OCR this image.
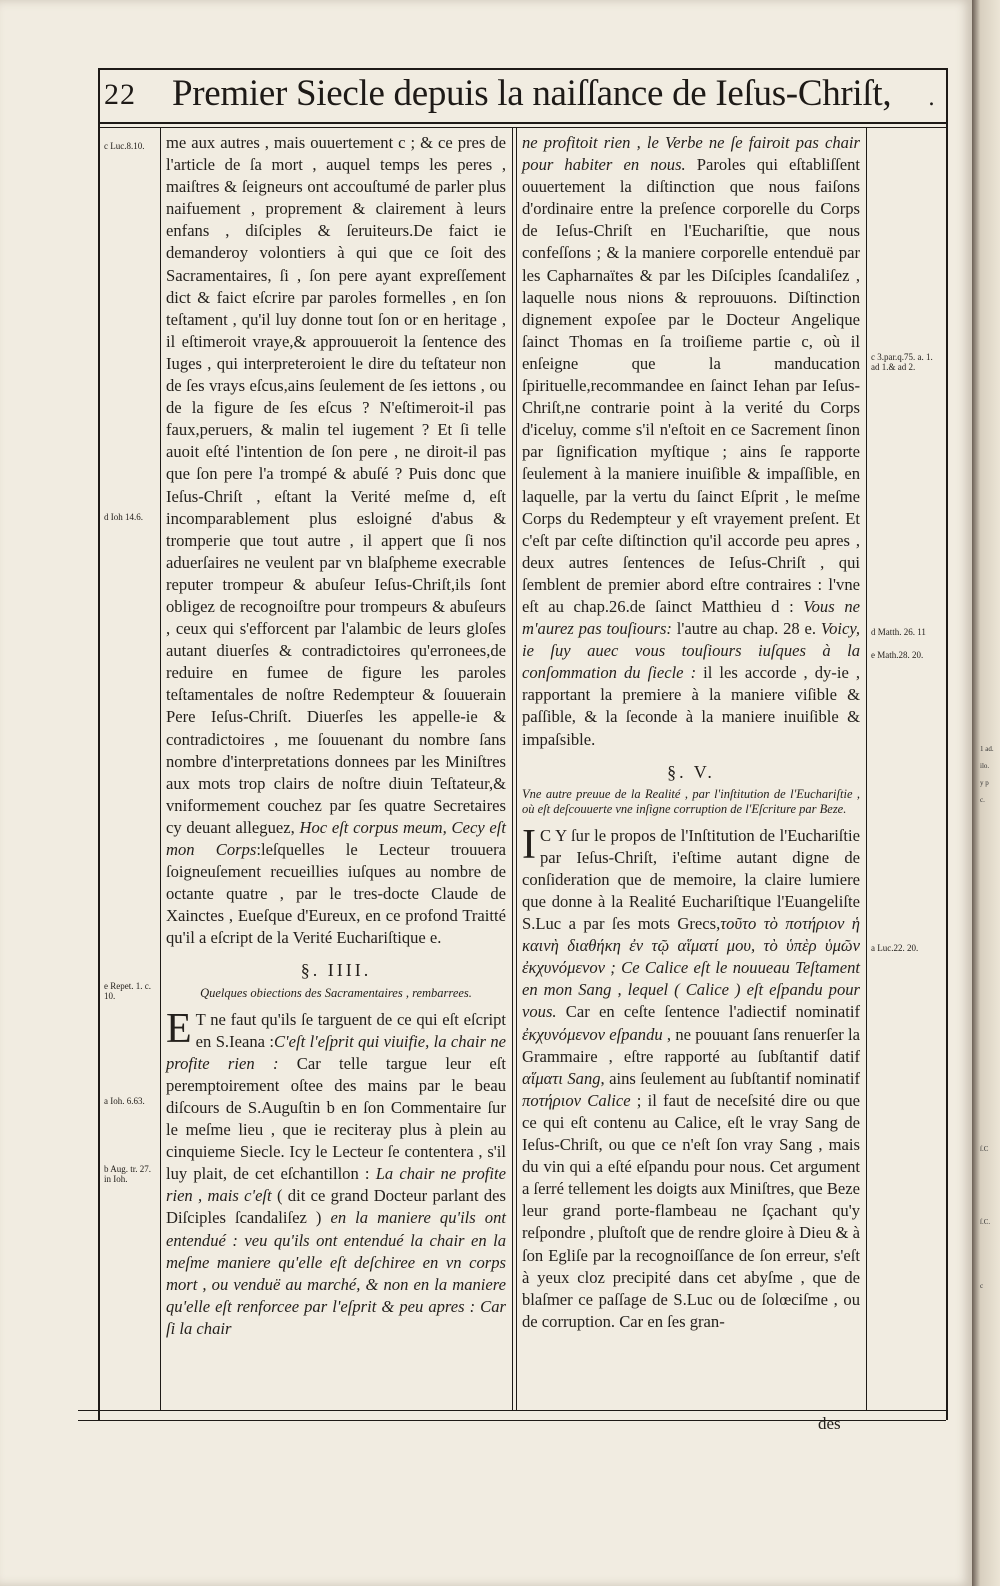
22 Premier Siecle depuis la naiſſance de Ieſus-Chriſt, .
c Luc.8.10.
d Ioh 14.6.
e Repet. 1. c. 10.
a Ioh. 6.63.
b Aug. tr. 27. in Ioh.

me aux autres , mais ouuertement c ; & ce pres de l'article de ſa mort , auquel temps les peres , maiſtres & ſeigneurs ont accouſtumé de parler plus naifuement , proprement & clairement à leurs enfans , diſciples & ſeruiteurs.De faict ie demanderoy volontiers à qui que ce ſoit des Sacramentaires, ſi , ſon pere ayant expreſſement dict & faict eſcrire par paroles formelles , en ſon teſtament , qu'il luy donne tout ſon or en heritage , il eſtimeroit vraye,& approuueroit la ſentence des Iuges , qui interpreteroient le dire du teſtateur non de ſes vrays eſcus,ains ſeulement de ſes iettons , ou de la figure de ſes eſcus ? N'eſtimeroit-il pas faux,peruers, & malin tel iugement ? Et ſi telle auoit eſté l'intention de ſon pere , ne diroit-il pas que ſon pere l'a trompé & abuſé ? Puis donc que Ieſus-Chriſt , eſtant la Verité meſme d, eſt incomparablement plus esloigné d'abus & tromperie que tout autre , il appert que ſi nos aduerſaires ne veulent par vn blaſpheme execrable reputer trompeur & abuſeur Ieſus-Chriſt,ils ſont obligez de recognoiſtre pour trompeurs & abuſeurs , ceux qui s'efforcent par l'alambic de leurs gloſes autant diuerſes & contradictoires qu'erronees,de reduire en fumee de figure les paroles teſtamentales de noſtre Redempteur & ſouuerain Pere Ieſus-Chriſt. Diuerſes les appelle-ie & contradictoires , me ſouuenant du nombre ſans nombre d'interpretations donnees par les Miniſtres aux mots trop clairs de noſtre diuin Teſtateur,& vniformement couchez par ſes quatre Secretaires cy deuant alleguez, Hoc eſt corpus meum, Cecy eſt mon Corps:leſquelles le Lecteur trouuera ſoigneuſement recueillies iuſques au nombre de octante quatre , par le tres-docte Claude de Xainctes , Eueſque d'Eureux, en ce profond Traitté qu'il a eſcript de la Verité Euchariſtique e.

§. IIII.
Quelques obiections des Sacramentaires , rembarrees.

E T ne faut qu'ils ſe targuent de ce qui eſt eſcript en S.Ieana :C'eſt l'eſprit qui viuifie, la chair ne profite rien : Car telle targue leur eſt peremptoirement oſtee des mains par le beau diſcours de S.Auguſtin b en ſon Commentaire ſur le meſme lieu , que ie reciteray plus à plein au cinquieme Siecle. Icy le Lecteur ſe contentera , s'il luy plait, de cet eſchantillon : La chair ne profite rien , mais c'eſt ( dit ce grand Docteur parlant des Diſciples ſcandaliſez ) en la maniere qu'ils ont entendué : veu qu'ils ont entendué la chair en la meſme maniere qu'elle eſt deſchiree en vn corps mort , ou venduë au marché, & non en la maniere qu'elle eſt renforcee par l'eſprit & peu apres : Car ſi la chair

ne profitoit rien , le Verbe ne ſe fairoit pas chair pour habiter en nous. Paroles qui eſtabliſſent ouuertement la diſtinction que nous faiſons d'ordinaire entre la preſence corporelle du Corps de Ieſus-Chriſt en l'Euchariſtie, que nous confeſſons ; & la maniere corporelle entenduë par les Capharnaïtes & par les Diſciples ſcandaliſez , laquelle nous nions & reprouuons. Diſtinction dignement expoſee par le Docteur Angelique ſainct Thomas en ſa troiſieme partie c, où il enſeigne que la manducation ſpirituelle,recommandee en ſainct Iehan par Ieſus-Chriſt,ne contrarie point à la verité du Corps d'iceluy, comme s'il n'eſtoit en ce Sacrement ſinon par ſignification myſtique ; ains ſe rapporte ſeulement à la maniere inuiſible & impaſſible, en laquelle, par la vertu du ſainct Eſprit , le meſme Corps du Redempteur y eſt vrayement preſent. Et c'eſt par ceſte diſtinction qu'il accorde peu apres , deux autres ſentences de Ieſus-Chriſt , qui ſemblent de premier abord eſtre contraires : l'vne eſt au chap.26.de ſainct Matthieu d : Vous ne m'aurez pas touſiours: l'autre au chap. 28 e. Voicy, ie ſuy auec vous touſiours iuſques à la conſommation du ſiecle : il les accorde , dy-ie , rapportant la premiere à la maniere viſible & paſſible, & la ſeconde à la maniere inuiſible & impaſsible.

§. V.
Vne autre preuue de la Realité , par l'inſtitution de l'Euchariſtie , où eſt deſcouuerte vne inſigne corruption de l'Eſcriture par Beze.

I C Y ſur le propos de l'Inſtitution de l'Euchariſtie par Ieſus-Chriſt, i'eſtime autant digne de conſideration que de memoire, la claire lumiere que donne à la Realité Euchariſtique l'Euangeliſte S.Luc a par ſes mots Grecs,τοῦτο τὸ ποτήριον ἡ καινὴ διαθήκη ἐν τῷ αἵματί μου, τὸ ὑπὲρ ὑμῶν ἐκχυνόμενον ; Ce Calice eſt le nouueau Teſtament en mon Sang , lequel ( Calice ) eſt eſpandu pour vous. Car en ceſte ſentence l'adiectif nominatif ἐκχυνόμενον eſpandu , ne pouuant ſans renuerſer la Grammaire , eſtre rapporté au ſubſtantif datif αἵματι Sang, ains ſeulement au ſubſtantif nominatif ποτήριον Calice ; il faut de neceſsité dire ou que ce qui eſt contenu au Calice, eſt le vray Sang de Ieſus-Chriſt, ou que ce n'eſt ſon vray Sang , mais du vin qui a eſté eſpandu pour nous. Cet argument a ſerré tellement les doigts aux Miniſtres, que Beze leur grand porte-flambeau ne ſçachant qu'y reſpondre , pluſtoſt que de rendre gloire à Dieu & à ſon Egliſe par la recognoiſſance de ſon erreur, s'eſt à yeux cloz precipité dans cet abyſme , que de blaſmer ce paſſage de S.Luc ou de ſolœciſme , ou de corruption. Car en ſes gran-

c 3.par.q.75. a. 1. ad 1.& ad 2.
d Matth. 26. 11
e Math.28. 20.
a Luc.22. 20.
des
1 ad.
ilo.
y p
c.
ſ.C
ſ.C.
c
